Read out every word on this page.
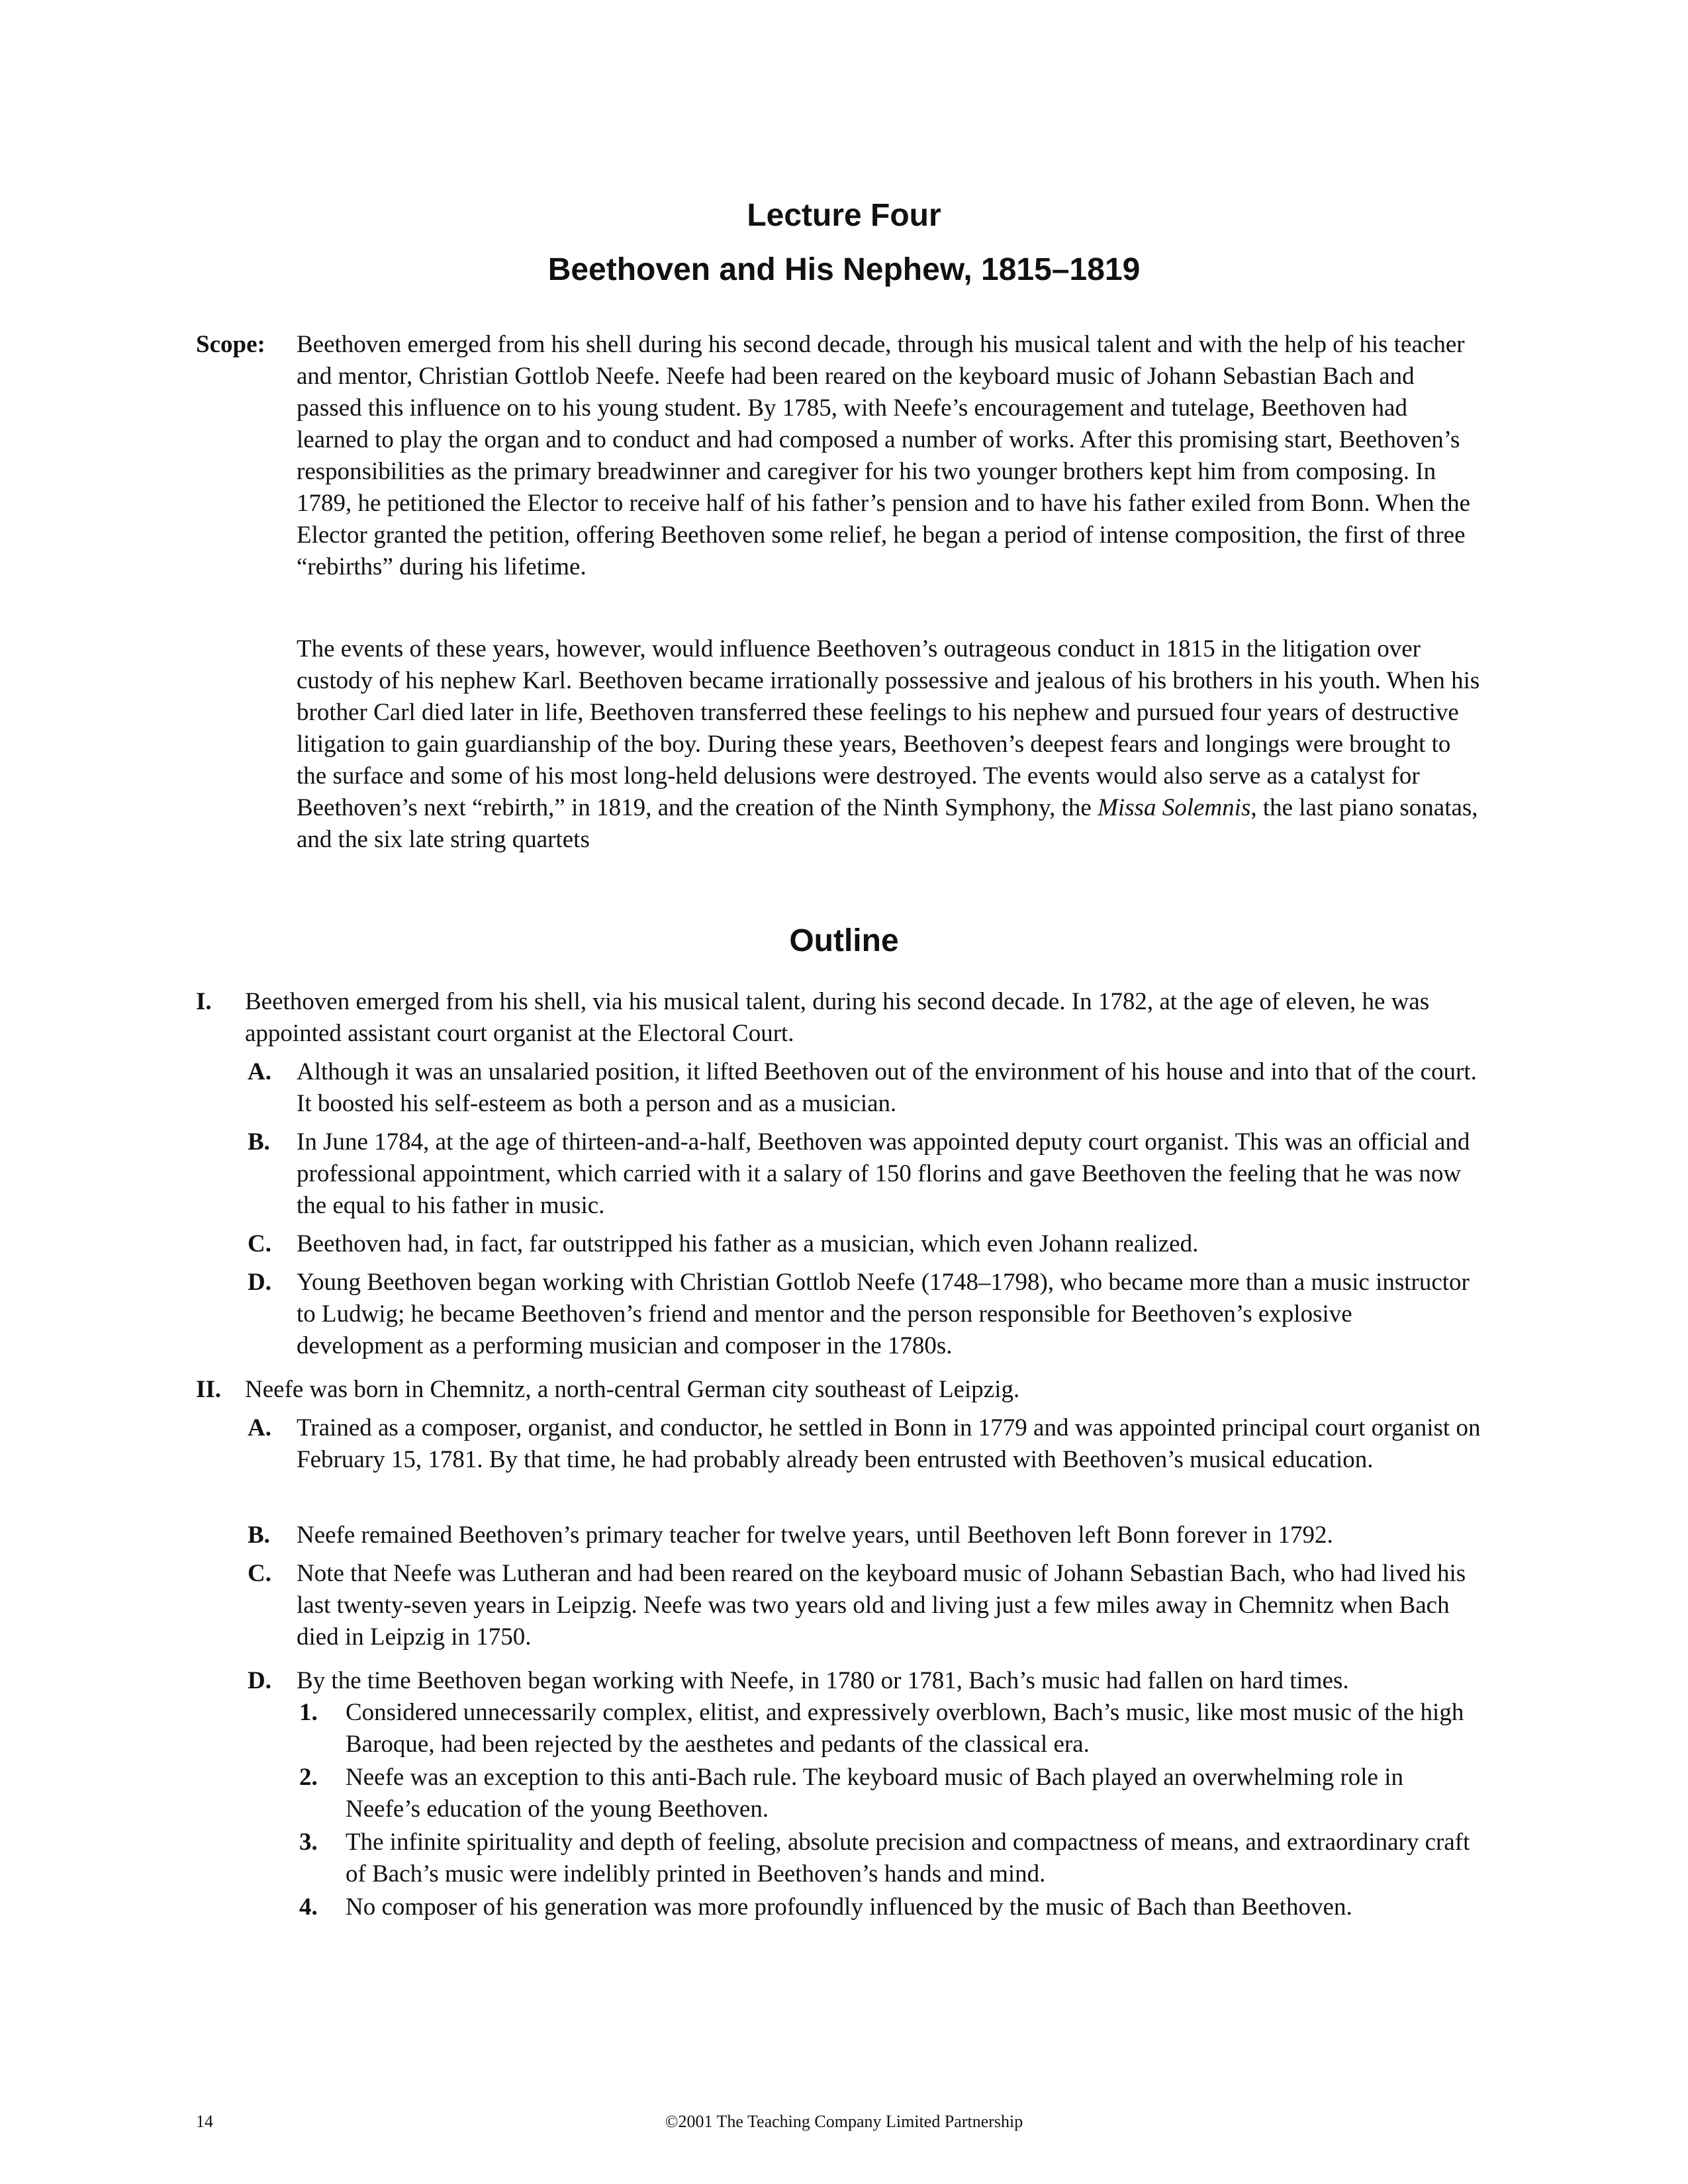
Lecture Four
Beethoven and His Nephew, 1815–1819
Scope: Beethoven emerged from his shell during his second decade, through his musical talent and with the help of his teacher and mentor, Christian Gottlob Neefe. Neefe had been reared on the keyboard music of Johann Sebastian Bach and passed this influence on to his young student. By 1785, with Neefe’s encouragement and tutelage, Beethoven had learned to play the organ and to conduct and had composed a number of works. After this promising start, Beethoven’s responsibilities as the primary breadwinner and caregiver for his two younger brothers kept him from composing. In 1789, he petitioned the Elector to receive half of his father’s pension and to have his father exiled from Bonn. When the Elector granted the petition, offering Beethoven some relief, he began a period of intense composition, the first of three “rebirths” during his lifetime.

The events of these years, however, would influence Beethoven’s outrageous conduct in 1815 in the litigation over custody of his nephew Karl. Beethoven became irrationally possessive and jealous of his brothers in his youth. When his brother Carl died later in life, Beethoven transferred these feelings to his nephew and pursued four years of destructive litigation to gain guardianship of the boy. During these years, Beethoven’s deepest fears and longings were brought to the surface and some of his most long-held delusions were destroyed. The events would also serve as a catalyst for Beethoven’s next “rebirth,” in 1819, and the creation of the Ninth Symphony, the Missa Solemnis, the last piano sonatas, and the six late string quartets

Outline

I. Beethoven emerged from his shell, via his musical talent, during his second decade. In 1782, at the age of eleven, he was appointed assistant court organist at the Electoral Court.

A. Although it was an unsalaried position, it lifted Beethoven out of the environment of his house and into that of the court. It boosted his self-esteem as both a person and as a musician.

B. In June 1784, at the age of thirteen-and-a-half, Beethoven was appointed deputy court organist. This was an official and professional appointment, which carried with it a salary of 150 florins and gave Beethoven the feeling that he was now the equal to his father in music.

C. Beethoven had, in fact, far outstripped his father as a musician, which even Johann realized.

D. Young Beethoven began working with Christian Gottlob Neefe (1748–1798), who became more than a music instructor to Ludwig; he became Beethoven’s friend and mentor and the person responsible for Beethoven’s explosive development as a performing musician and composer in the 1780s.

II. Neefe was born in Chemnitz, a north-central German city southeast of Leipzig.

A. Trained as a composer, organist, and conductor, he settled in Bonn in 1779 and was appointed principal court organist on February 15, 1781. By that time, he had probably already been entrusted with Beethoven’s musical education.

B. Neefe remained Beethoven’s primary teacher for twelve years, until Beethoven left Bonn forever in 1792.

C. Note that Neefe was Lutheran and had been reared on the keyboard music of Johann Sebastian Bach, who had lived his last twenty-seven years in Leipzig. Neefe was two years old and living just a few miles away in Chemnitz when Bach died in Leipzig in 1750.

D. By the time Beethoven began working with Neefe, in 1780 or 1781, Bach’s music had fallen on hard times.

1. Considered unnecessarily complex, elitist, and expressively overblown, Bach’s music, like most music of the high Baroque, had been rejected by the aesthetes and pedants of the classical era.

2. Neefe was an exception to this anti-Bach rule. The keyboard music of Bach played an overwhelming role in Neefe’s education of the young Beethoven.

3. The infinite spirituality and depth of feeling, absolute precision and compactness of means, and extraordinary craft of Bach’s music were indelibly printed in Beethoven’s hands and mind.

4. No composer of his generation was more profoundly influenced by the music of Bach than Beethoven.

©2001 The Teaching Company Limited Partnership
14
